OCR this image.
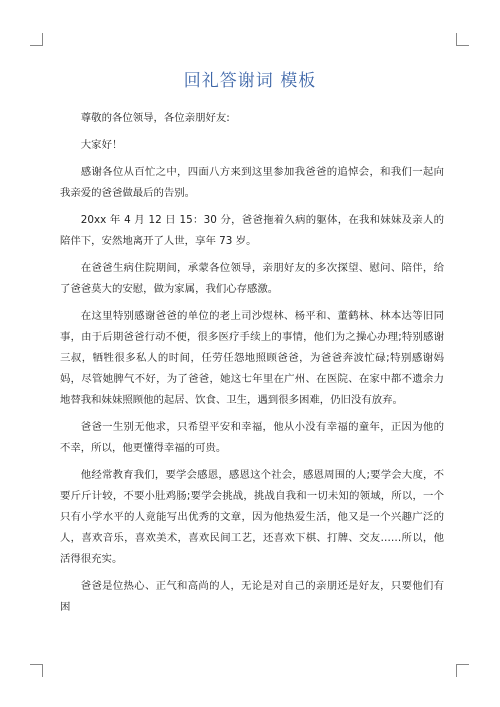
回礼答谢词 模板

尊敬的各位领导，各位亲朋好友:

大家好！

感谢各位从百忙之中，四面八方来到这里参加我爸爸的追悼会，和我们一起向我亲爱的爸爸做最后的告别。

20xx 年 4 月 12 日 15：30 分，爸爸拖着久病的躯体，在我和妹妹及亲人的陪伴下，安然地离开了人世，享年 73 岁。

在爸爸生病住院期间，承蒙各位领导，亲朋好友的多次探望、慰问、陪伴，给了爸爸莫大的安慰，做为家属，我们心存感激。

在这里特别感谢爸爸的单位的老上司沙煜林、杨平和、董鹤林、林本达等旧同事，由于后期爸爸行动不便，很多医疗手续上的事情，他们为之操心办理;特别感谢三叔，牺牲很多私人的时间，任劳任怨地照顾爸爸，为爸爸奔波忙碌;特别感谢妈妈，尽管她脾气不好，为了爸爸，她这七年里在广州、在医院、在家中都不遗余力地替我和妹妹照顾他的起居、饮食、卫生，遇到很多困难，仍旧没有放弃。

爸爸一生别无他求，只希望平安和幸福，他从小没有幸福的童年，正因为他的不幸，所以，他更懂得幸福的可贵。

他经常教育我们，要学会感恩，感恩这个社会，感恩周围的人;要学会大度，不要斤斤计较，不要小肚鸡肠;要学会挑战，挑战自我和一切未知的领域，所以，一个只有小学水平的人竟能写出优秀的文章，因为他热爱生活，他又是一个兴趣广泛的人，喜欢音乐，喜欢美术，喜欢民间工艺，还喜欢下棋、打牌、交友……所以，他活得很充实。

爸爸是位热心、正气和高尚的人，无论是对自己的亲朋还是好友，只要他们有困
